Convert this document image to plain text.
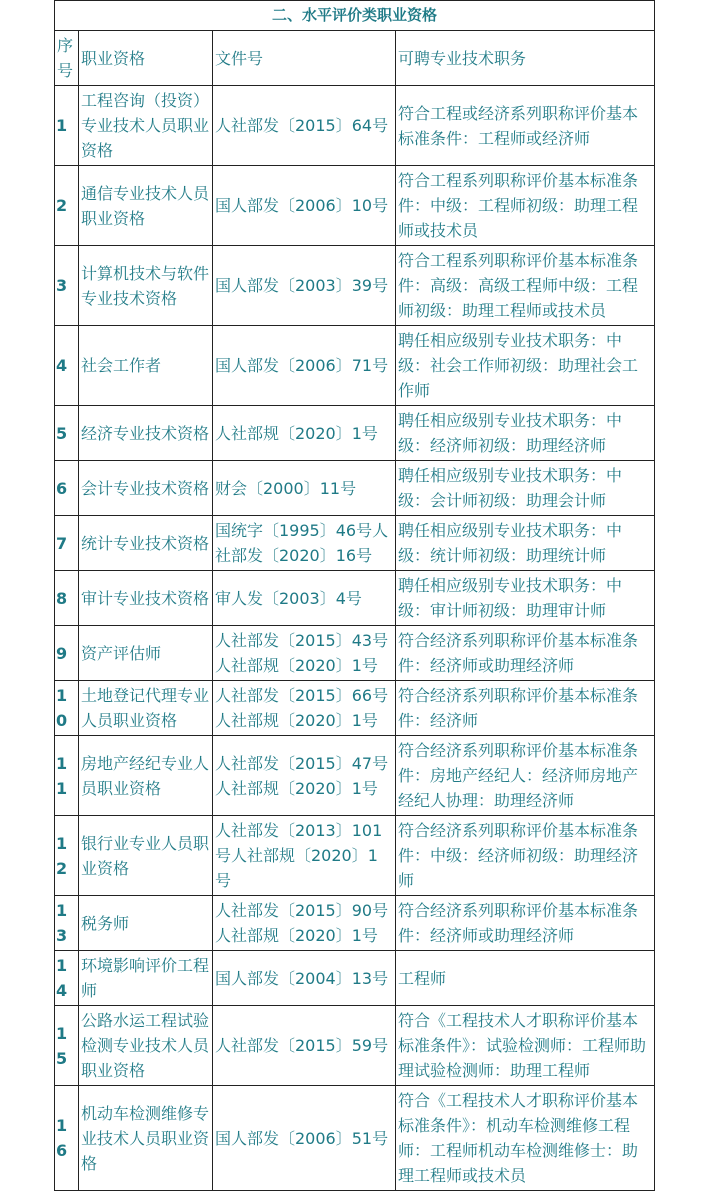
二、水平评价类职业资格			
序号	职业资格	文件号	可聘专业技术职务
1	工程咨询（投资）专业技术人员职业资格	人社部发〔2015〕64号	符合工程或经济系列职称评价基本标准条件：工程师或经济师
2	通信专业技术人员职业资格	国人部发〔2006〕10号	符合工程系列职称评价基本标准条件：中级：工程师初级：助理工程师或技术员
3	计算机技术与软件专业技术资格	国人部发〔2003〕39号	符合工程系列职称评价基本标准条件：高级：高级工程师中级：工程师初级：助理工程师或技术员
4	社会工作者	国人部发〔2006〕71号	聘任相应级别专业技术职务：中级：社会工作师初级：助理社会工作师
5	经济专业技术资格	人社部规〔2020〕1号	聘任相应级别专业技术职务：中级：经济师初级：助理经济师
6	会计专业技术资格	财会〔2000〕11号	聘任相应级别专业技术职务：中级：会计师初级：助理会计师
7	统计专业技术资格	国统字〔1995〕46号人社部发〔2020〕16号	聘任相应级别专业技术职务：中级：统计师初级：助理统计师
8	审计专业技术资格	审人发〔2003〕4号	聘任相应级别专业技术职务：中级：审计师初级：助理审计师
9	资产评估师	人社部发〔2015〕43号人社部规〔2020〕1号	符合经济系列职称评价基本标准条件：经济师或助理经济师
10	土地登记代理专业人员职业资格	人社部发〔2015〕66号人社部规〔2020〕1号	符合经济系列职称评价基本标准条件：经济师
11	房地产经纪专业人员职业资格	人社部发〔2015〕47号人社部规〔2020〕1号	符合经济系列职称评价基本标准条件：房地产经纪人：经济师房地产经纪人协理：助理经济师
12	银行业专业人员职业资格	人社部发〔2013〕101号人社部规〔2020〕1号	符合经济系列职称评价基本标准条件：中级：经济师初级：助理经济师
13	税务师	人社部发〔2015〕90号人社部规〔2020〕1号	符合经济系列职称评价基本标准条件：经济师或助理经济师
14	环境影响评价工程师	国人部发〔2004〕13号	工程师
15	公路水运工程试验检测专业技术人员职业资格	人社部发〔2015〕59号	符合《工程技术人才职称评价基本标准条件》：试验检测师：工程师助理试验检测师：助理工程师
16	机动车检测维修专业技术人员职业资格	国人部发〔2006〕51号	符合《工程技术人才职称评价基本标准条件》：机动车检测维修工程师：工程师机动车检测维修士：助理工程师或技术员
